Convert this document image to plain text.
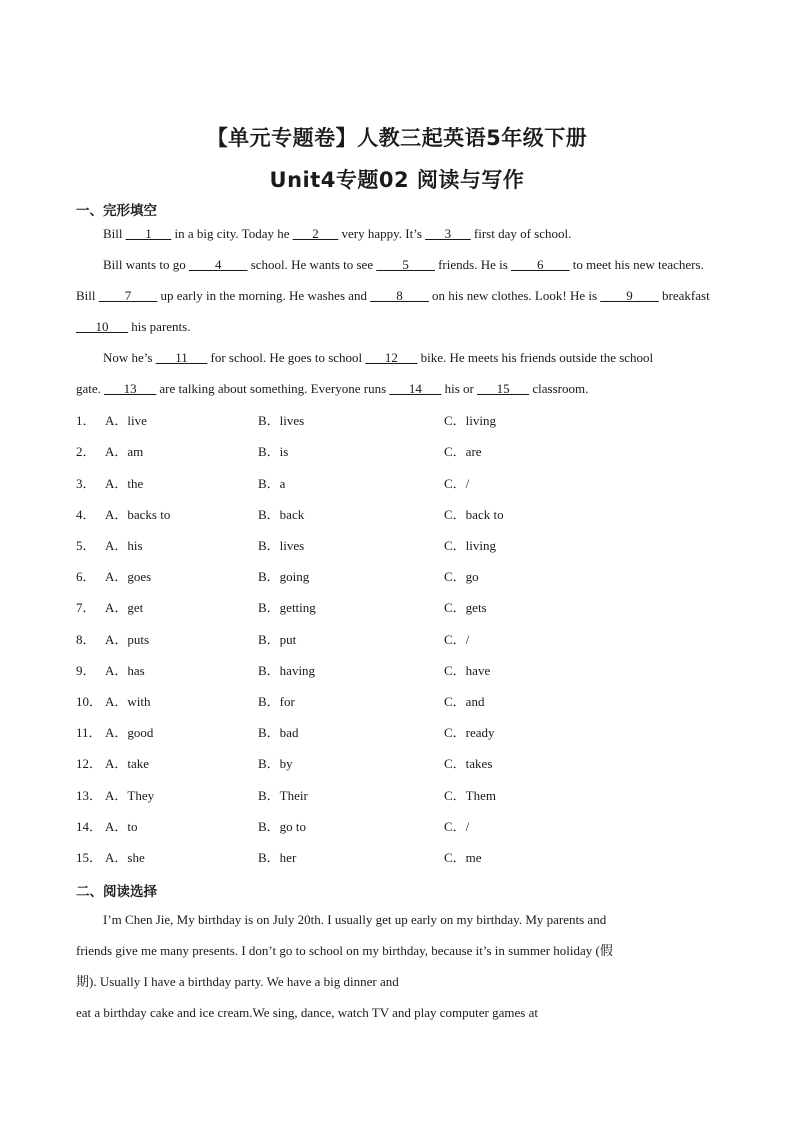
【单元专题卷】人教三起英语5年级下册
Unit4专题02 阅读与写作
一、完形填空
Bill ___1___ in a big city. Today he ___2___ very happy. It’s ___3___ first day of school.
Bill wants to go ____4____ school. He wants to see ____5____ friends. He is ____6____ to meet his new teachers.
Bill ____7____ up early in the morning. He washes and ____8____ on his new clothes. Look! He is ____9____ breakfast
___10___ his parents.
Now he’s ___11___ for school. He goes to school ___12___ bike. He meets his friends outside the school
gate. ___13___ are talking about something. Everyone runs ___14___ his or ___15___ classroom.
1． A．live	B．lives	C．living
2． A．am	B．is	C．are
3． A．the	B．a	C．/
4． A．backs to	B．back	C．back to
5． A．his	B．lives	C．living
6． A．goes	B．going	C．go
7． A．get	B．getting	C．gets
8． A．puts	B．put	C．/
9． A．has	B．having	C．have
10． A．with	B．for	C．and
11． A．good	B．bad	C．ready
12． A．take	B．by	C．takes
13． A．They	B．Their	C．Them
14． A．to	B．go to	C．/
15． A．she	B．her	C．me
二、阅读选择
I’m Chen Jie, My birthday is on July 20th. I usually get up early on my birthday. My parents and
friends give me many presents. I don’t go to school on my birthday, because it’s in summer holiday (假
期). Usually I have a birthday party. We have a big dinner and
eat a birthday cake and ice cream.We sing, dance, watch TV and play computer games at
